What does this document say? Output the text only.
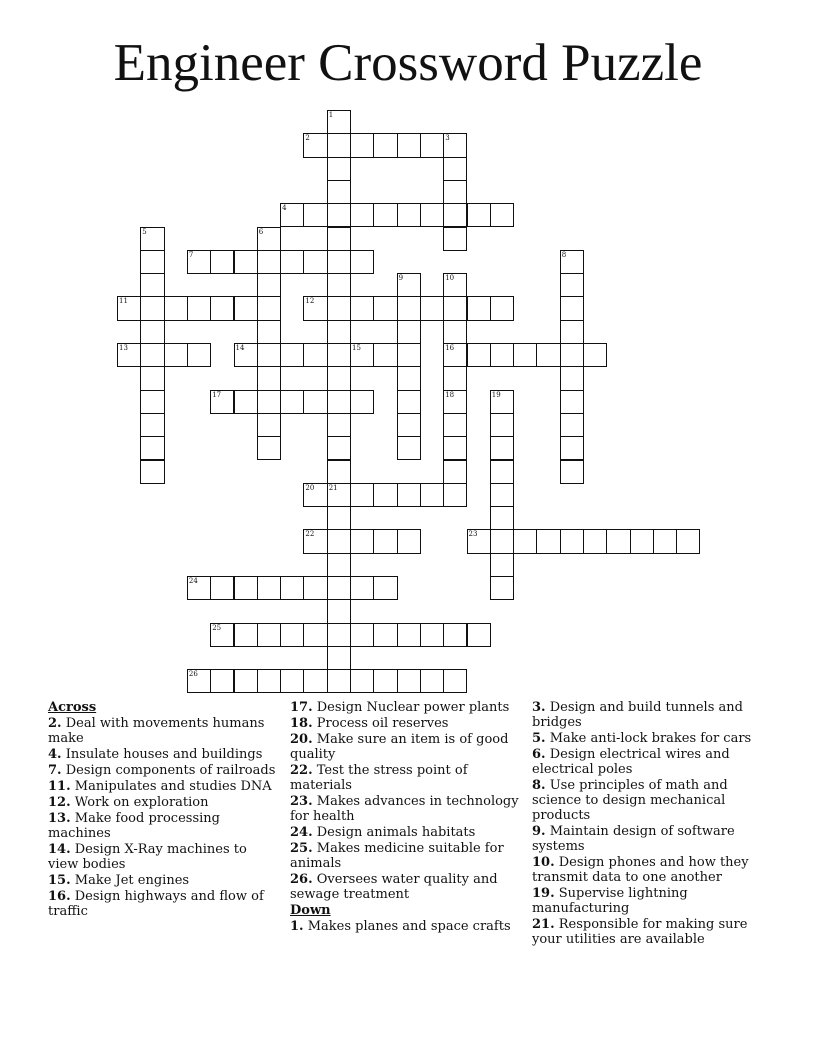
Engineer Crossword Puzzle
2	3
4
7
11	12
13	14	15	16
17	18
20 21
22	23
24
25
26
1
5	6
8
9	10
19
Across
2. Deal with movements humans make
4. Insulate houses and buildings
7. Design components of railroads
11. Manipulates and studies DNA
12. Work on exploration
13. Make food processing machines
14. Design X-Ray machines to view bodies
15. Make Jet engines
16. Design highways and flow of traffic
17. Design Nuclear power plants
18. Process oil reserves
20. Make sure an item is of good quality
22. Test the stress point of materials
23. Makes advances in technology for health
24. Design animals habitats
25. Makes medicine suitable for animals
26. Oversees water quality and sewage treatment
Down
1. Makes planes and space crafts
3. Design and build tunnels and bridges
5. Make anti-lock brakes for cars
6. Design electrical wires and electrical poles
8. Use principles of math and science to design mechanical products
9. Maintain design of software systems
10. Design phones and how they transmit data to one another
19. Supervise lightning manufacturing
21. Responsible for making sure your utilities are available
